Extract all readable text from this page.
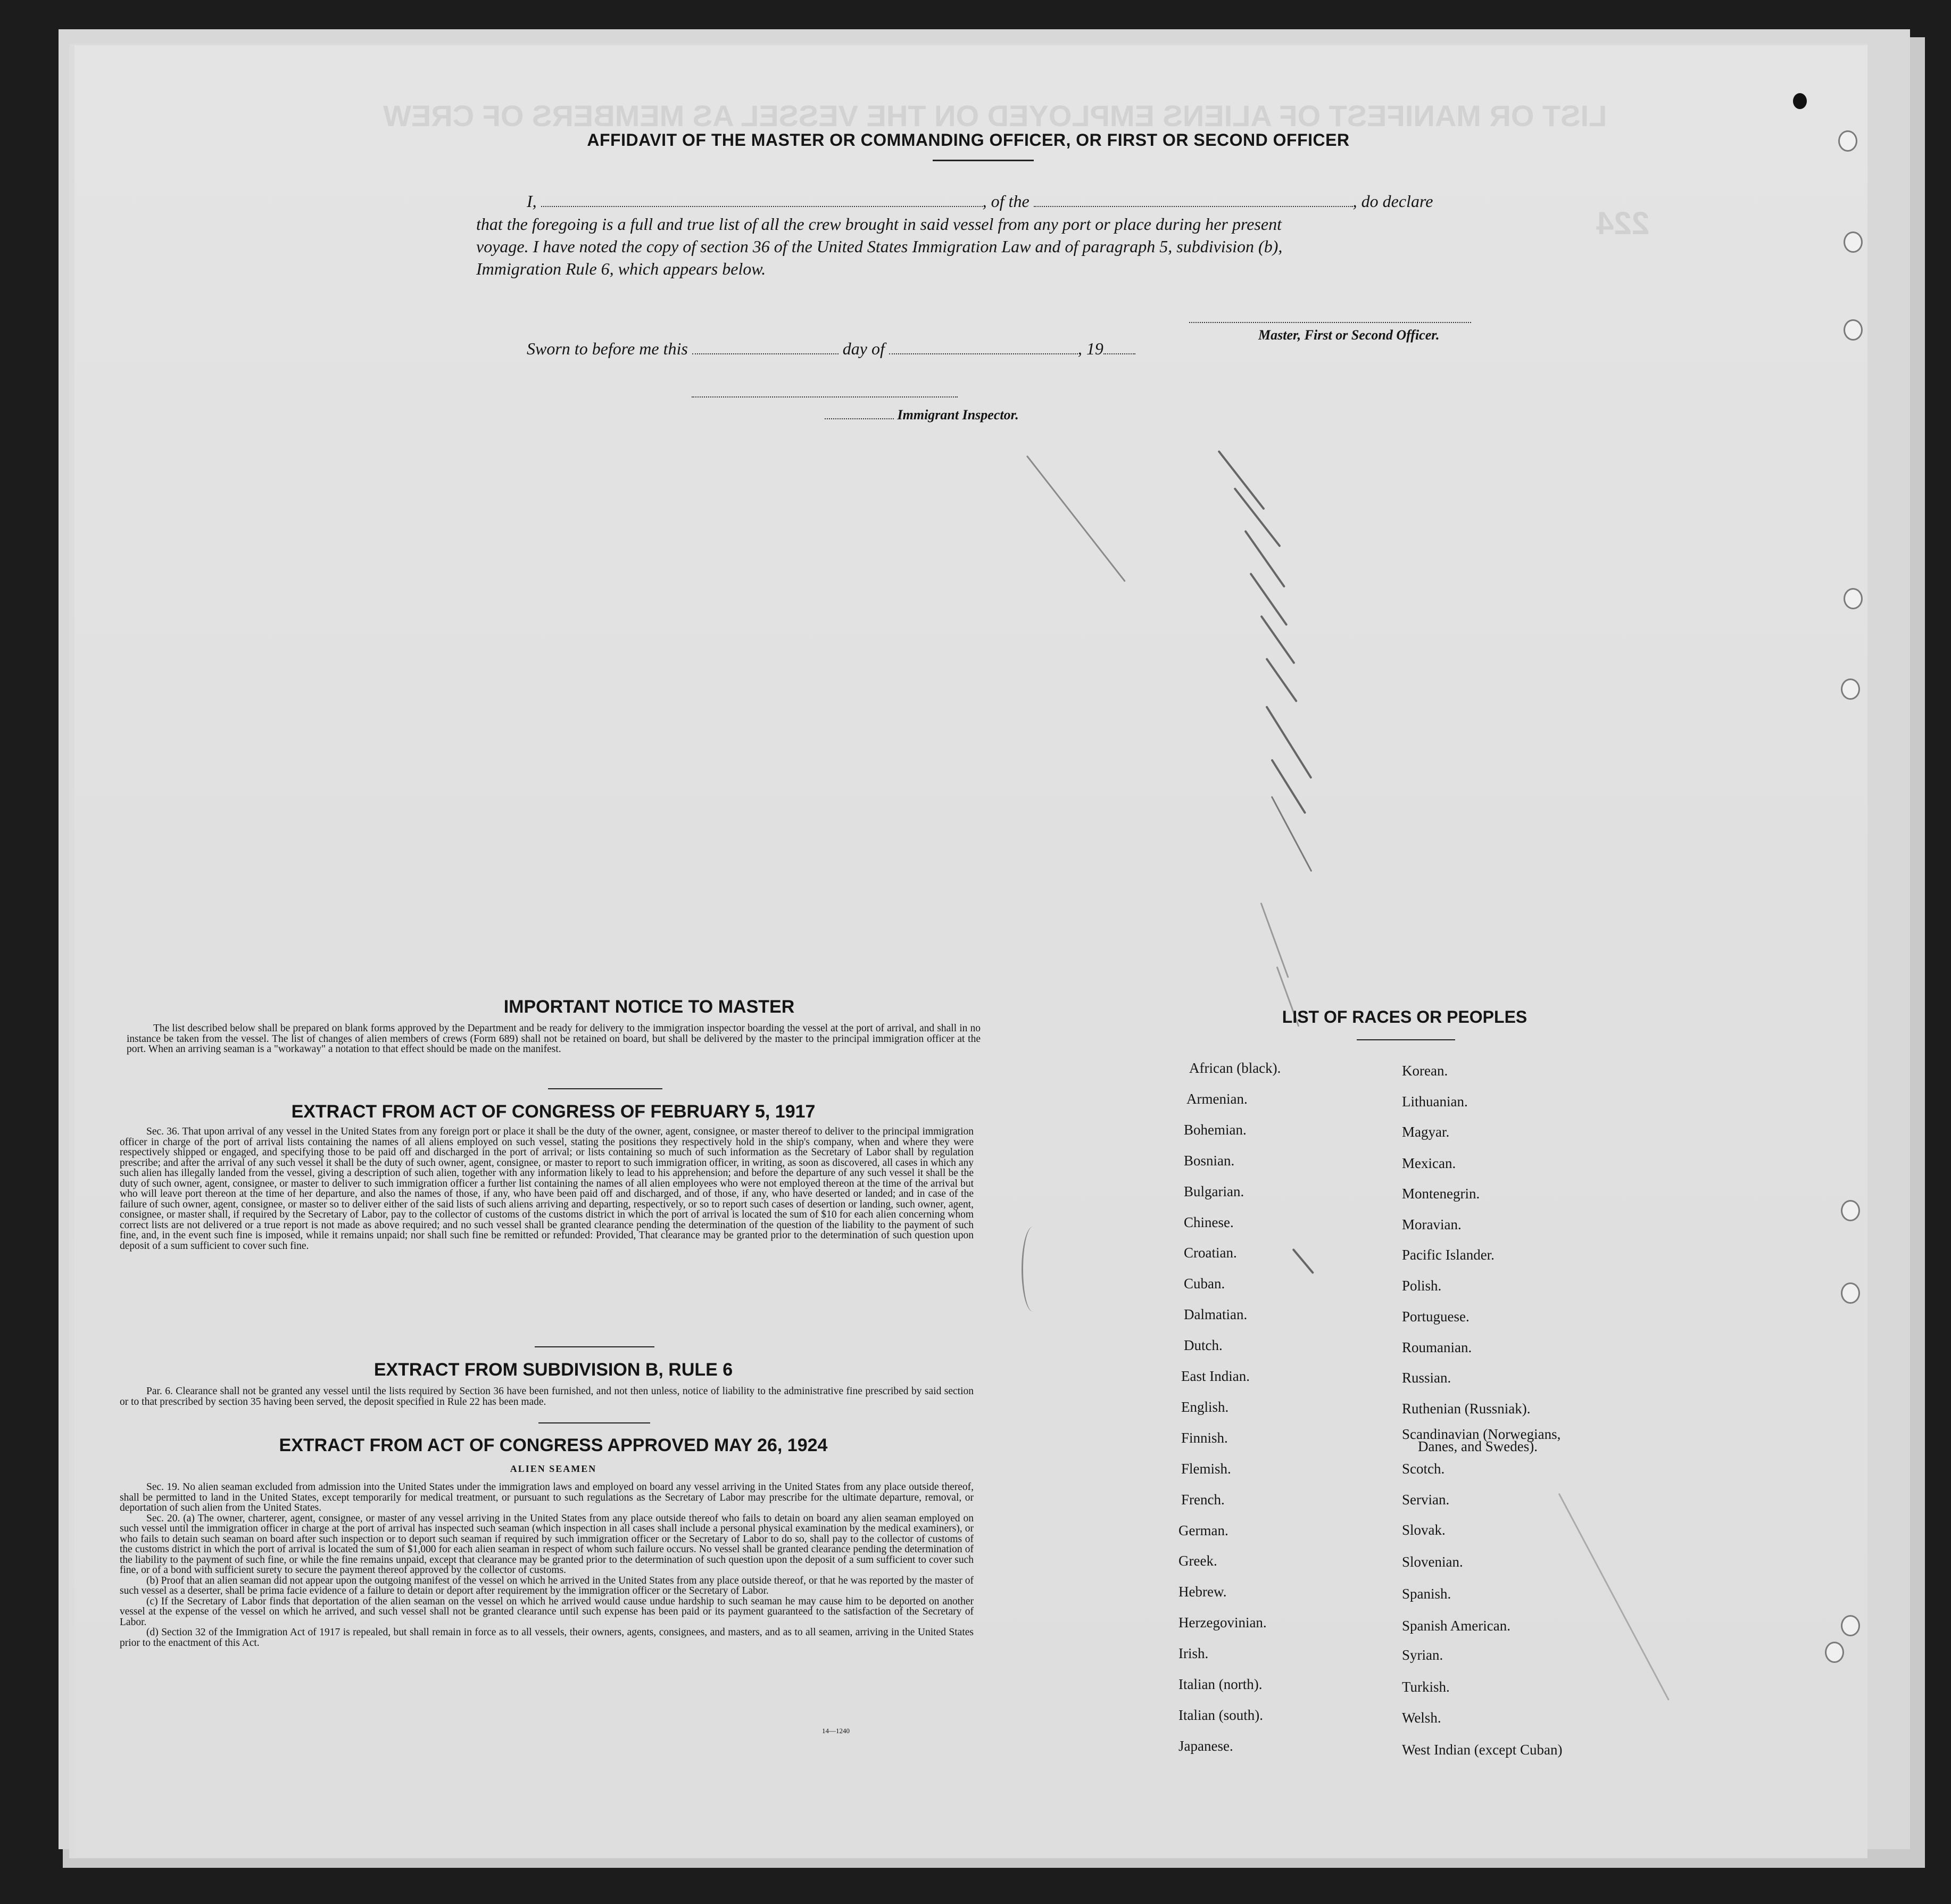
LIST OR MANIFEST OF ALIENS EMPLOYED ON THE VESSEL AS MEMBERS OF CREW
224
AFFIDAVIT OF THE MASTER OR COMMANDING OFFICER, OR FIRST OR SECOND OFFICER
I,	, of the	, do declare
that the foregoing is a full and true list of all the crew brought in said vessel from any port or place during her present
voyage. I have noted the copy of section 36 of the United States Immigration Law and of paragraph 5, subdivision (b),
Immigration Rule 6, which appears below.
Master, First or Second Officer.
Sworn to before me this	day of	, 19
Immigrant Inspector.
IMPORTANT NOTICE TO MASTER

The list described below shall be prepared on blank forms approved by the Department and be ready for delivery to the immigration inspector boarding the vessel at the port of arrival, and shall in no instance be taken from the vessel. The list of changes of alien members of crews (Form 689) shall not be retained on board, but shall be delivered by the master to the principal immigration officer at the port. When an arriving seaman is a "workaway" a notation to that effect should be made on the manifest.

EXTRACT FROM ACT OF CONGRESS OF FEBRUARY 5, 1917

Sec. 36. That upon arrival of any vessel in the United States from any foreign port or place it shall be the duty of the owner, agent, consignee, or master thereof to deliver to the principal immigration officer in charge of the port of arrival lists containing the names of all aliens employed on such vessel, stating the positions they respectively hold in the ship's company, when and where they were respectively shipped or engaged, and specifying those to be paid off and discharged in the port of arrival; or lists containing so much of such information as the Secretary of Labor shall by regulation prescribe; and after the arrival of any such vessel it shall be the duty of such owner, agent, consignee, or master to report to such immigration officer, in writing, as soon as discovered, all cases in which any such alien has illegally landed from the vessel, giving a description of such alien, together with any information likely to lead to his apprehension; and before the departure of any such vessel it shall be the duty of such owner, agent, consignee, or master to deliver to such immigration officer a further list containing the names of all alien employees who were not employed thereon at the time of the arrival but who will leave port thereon at the time of her departure, and also the names of those, if any, who have been paid off and discharged, and of those, if any, who have deserted or landed; and in case of the failure of such owner, agent, consignee, or master so to deliver either of the said lists of such aliens arriving and departing, respectively, or so to report such cases of desertion or landing, such owner, agent, consignee, or master shall, if required by the Secretary of Labor, pay to the collector of customs of the customs district in which the port of arrival is located the sum of $10 for each alien concerning whom correct lists are not delivered or a true report is not made as above required; and no such vessel shall be granted clearance pending the determination of the question of the liability to the payment of such fine, and, in the event such fine is imposed, while it remains unpaid; nor shall such fine be remitted or refunded: Provided, That clearance may be granted prior to the determination of such question upon deposit of a sum sufficient to cover such fine.

EXTRACT FROM SUBDIVISION B, RULE 6

Par. 6. Clearance shall not be granted any vessel until the lists required by Section 36 have been furnished, and not then unless, notice of liability to the administrative fine prescribed by said section or to that prescribed by section 35 having been served, the deposit specified in Rule 22 has been made.

EXTRACT FROM ACT OF CONGRESS APPROVED MAY 26, 1924
ALIEN SEAMEN

Sec. 19. No alien seaman excluded from admission into the United States under the immigration laws and employed on board any vessel arriving in the United States from any place outside thereof, shall be permitted to land in the United States, except temporarily for medical treatment, or pursuant to such regulations as the Secretary of Labor may prescribe for the ultimate departure, removal, or deportation of such alien from the United States.

Sec. 20. (a) The owner, charterer, agent, consignee, or master of any vessel arriving in the United States from any place outside thereof who fails to detain on board any alien seaman employed on such vessel until the immigration officer in charge at the port of arrival has inspected such seaman (which inspection in all cases shall include a personal physical examination by the medical examiners), or who fails to detain such seaman on board after such inspection or to deport such seaman if required by such immigration officer or the Secretary of Labor to do so, shall pay to the collector of customs of the customs district in which the port of arrival is located the sum of $1,000 for each alien seaman in respect of whom such failure occurs. No vessel shall be granted clearance pending the determination of the liability to the payment of such fine, or while the fine remains unpaid, except that clearance may be granted prior to the determination of such question upon the deposit of a sum sufficient to cover such fine, or of a bond with sufficient surety to secure the payment thereof approved by the collector of customs.

(b) Proof that an alien seaman did not appear upon the outgoing manifest of the vessel on which he arrived in the United States from any place outside thereof, or that he was reported by the master of such vessel as a deserter, shall be prima facie evidence of a failure to detain or deport after requirement by the immigration officer or the Secretary of Labor.

(c) If the Secretary of Labor finds that deportation of the alien seaman on the vessel on which he arrived would cause undue hardship to such seaman he may cause him to be deported on another vessel at the expense of the vessel on which he arrived, and such vessel shall not be granted clearance until such expense has been paid or its payment guaranteed to the satisfaction of the Secretary of Labor.

(d) Section 32 of the Immigration Act of 1917 is repealed, but shall remain in force as to all vessels, their owners, agents, consignees, and masters, and as to all seamen, arriving in the United States prior to the enactment of this Act.

14—1240
LIST OF RACES OR PEOPLES
African (black).
Armenian.
Bohemian.
Bosnian.
Bulgarian.
Chinese.
Croatian.
Cuban.
Dalmatian.
Dutch.
East Indian.
English.
Finnish.
Flemish.
French.
German.
Greek.
Hebrew.
Herzegovinian.
Irish.
Italian (north).
Italian (south).
Japanese.
Korean.
Lithuanian.
Magyar.
Mexican.
Montenegrin.
Moravian.
Pacific Islander.
Polish.
Portuguese.
Roumanian.
Russian.
Ruthenian (Russniak).
Scandinavian (Norwegians,
Danes, and Swedes).
Scotch.
Servian.
Slovak.
Slovenian.
Spanish.
Spanish American.
Syrian.
Turkish.
Welsh.
West Indian (except Cuban)
